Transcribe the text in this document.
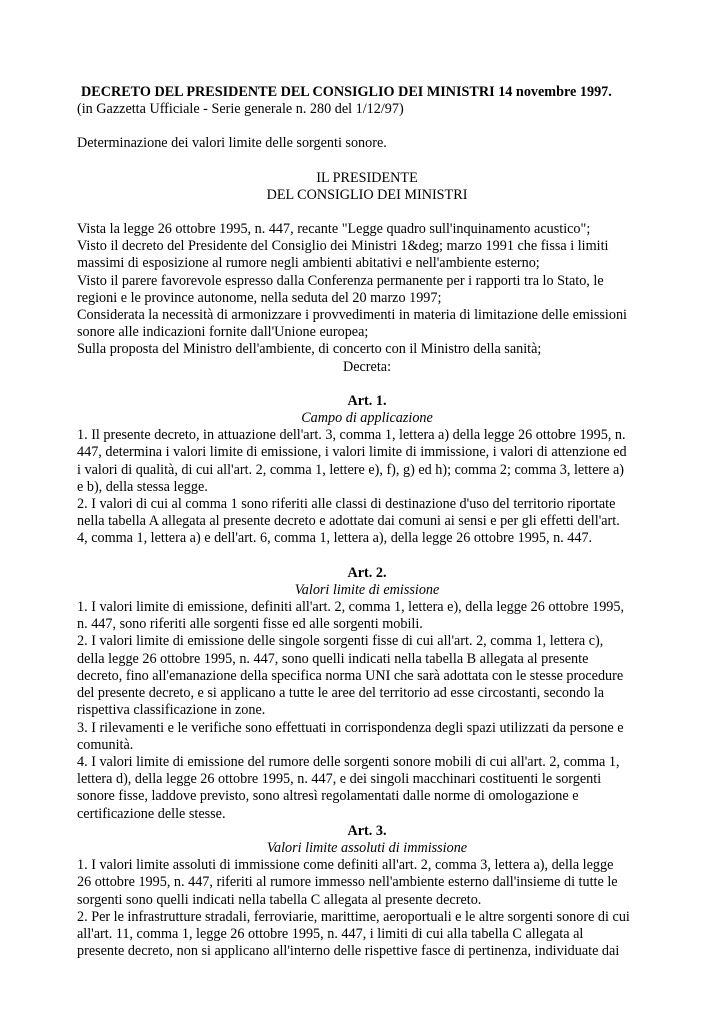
DECRETO DEL PRESIDENTE DEL CONSIGLIO DEI MINISTRI 14 novembre 1997.
(in Gazzetta Ufficiale - Serie generale n. 280 del 1/12/97)
Determinazione dei valori limite delle sorgenti sonore.
IL PRESIDENTE
DEL CONSIGLIO DEI MINISTRI
Vista la legge 26 ottobre 1995, n. 447, recante "Legge quadro sull'inquinamento acustico";
Visto il decreto del Presidente del Consiglio dei Ministri 1&deg; marzo 1991 che fissa i limiti
massimi di esposizione al rumore negli ambienti abitativi e nell'ambiente esterno;
Visto il parere favorevole espresso dalla Conferenza permanente per i rapporti tra lo Stato, le
regioni e le province autonome, nella seduta del 20 marzo 1997;
Considerata la necessità di armonizzare i provvedimenti in materia di limitazione delle emissioni
sonore alle indicazioni fornite dall'Unione europea;
Sulla proposta del Ministro dell'ambiente, di concerto con il Ministro della sanità;
Decreta:
Art. 1.
Campo di applicazione
1. Il presente decreto, in attuazione dell'art. 3, comma 1, lettera a) della legge 26 ottobre 1995, n.
447, determina i valori limite di emissione, i valori limite di immissione, i valori di attenzione ed
i valori di qualità, di cui all'art. 2, comma 1, lettere e), f), g) ed h); comma 2; comma 3, lettere a)
e b), della stessa legge.
2. I valori di cui al comma 1 sono riferiti alle classi di destinazione d'uso del territorio riportate
nella tabella A allegata al presente decreto e adottate dai comuni ai sensi e per gli effetti dell'art.
4, comma 1, lettera a) e dell'art. 6, comma 1, lettera a), della legge 26 ottobre 1995, n. 447.
Art. 2.
Valori limite di emissione
1. I valori limite di emissione, definiti all'art. 2, comma 1, lettera e), della legge 26 ottobre 1995,
n. 447, sono riferiti alle sorgenti fisse ed alle sorgenti mobili.
2. I valori limite di emissione delle singole sorgenti fisse di cui all'art. 2, comma 1, lettera c),
della legge 26 ottobre 1995, n. 447, sono quelli indicati nella tabella B allegata al presente
decreto, fino all'emanazione della specifica norma UNI che sarà adottata con le stesse procedure
del presente decreto, e si applicano a tutte le aree del territorio ad esse circostanti, secondo la
rispettiva classificazione in zone.
3. I rilevamenti e le verifiche sono effettuati in corrispondenza degli spazi utilizzati da persone e
comunità.
4. I valori limite di emissione del rumore delle sorgenti sonore mobili di cui all'art. 2, comma 1,
lettera d), della legge 26 ottobre 1995, n. 447, e dei singoli macchinari costituenti le sorgenti
sonore fisse, laddove previsto, sono altresì regolamentati dalle norme di omologazione e
certificazione delle stesse.
Art. 3.
Valori limite assoluti di immissione
1. I valori limite assoluti di immissione come definiti all'art. 2, comma 3, lettera a), della legge
26 ottobre 1995, n. 447, riferiti al rumore immesso nell'ambiente esterno dall'insieme di tutte le
sorgenti sono quelli indicati nella tabella C allegata al presente decreto.
2. Per le infrastrutture stradali, ferroviarie, marittime, aeroportuali e le altre sorgenti sonore di cui
all'art. 11, comma 1, legge 26 ottobre 1995, n. 447, i limiti di cui alla tabella C allegata al
presente decreto, non si applicano all'interno delle rispettive fasce di pertinenza, individuate dai
